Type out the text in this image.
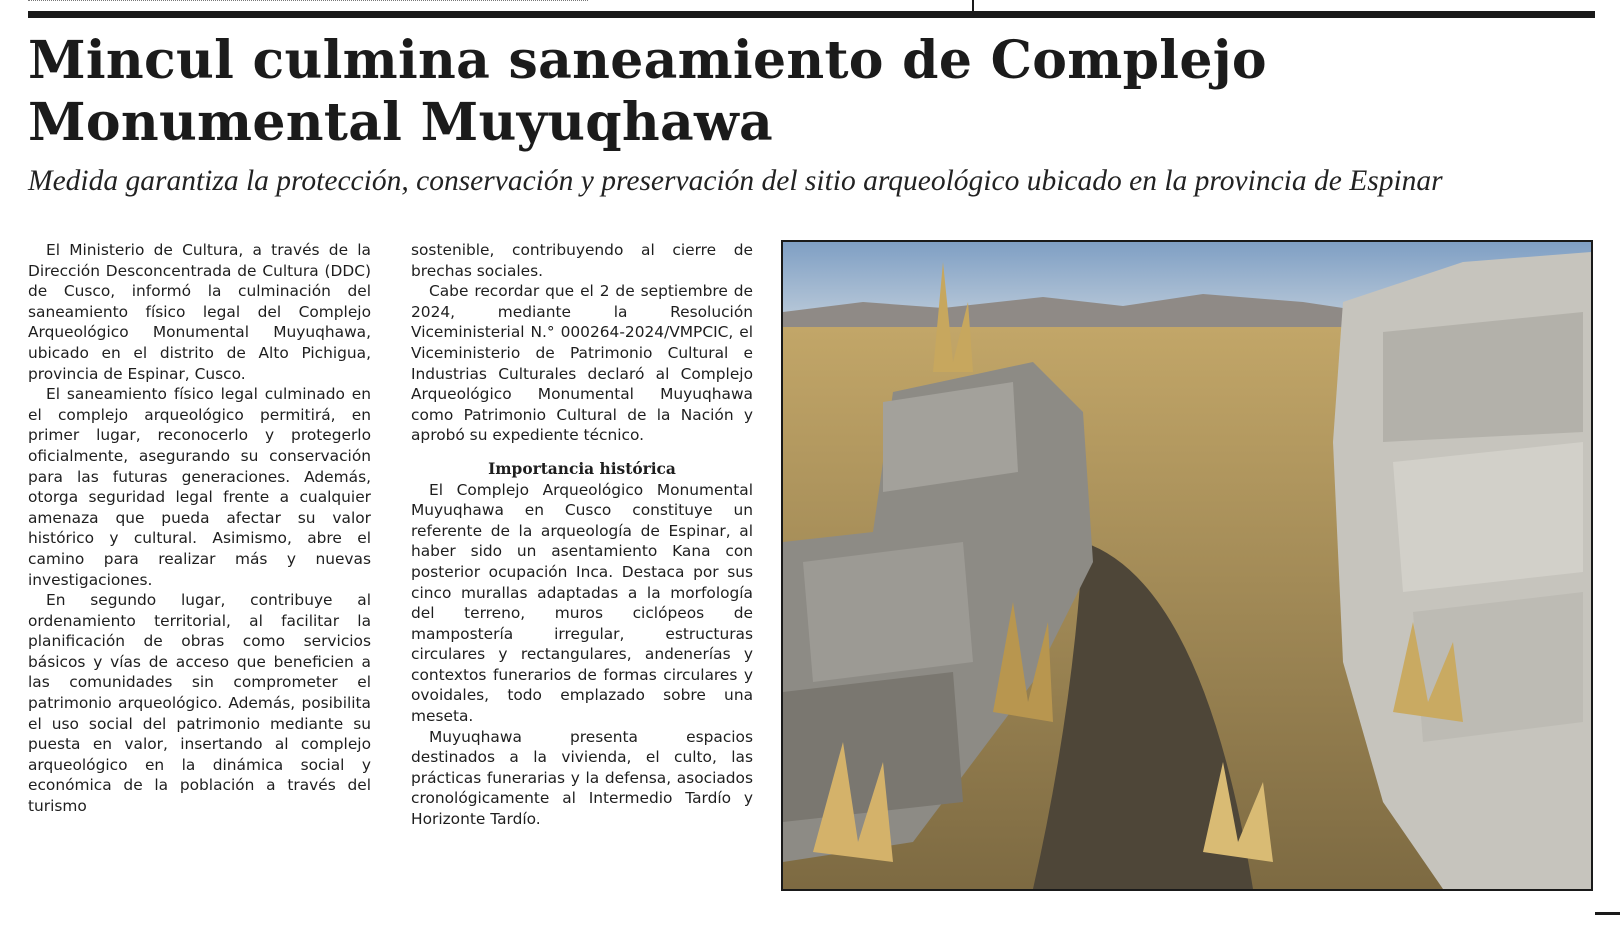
Mincul culmina saneamiento de Complejo Monumental Muyuqhawa

Medida garantiza la protección, conservación y preservación del sitio arqueológico ubicado en la provincia de Espinar

El Ministerio de Cultura, a través de la Dirección Desconcentrada de Cultura (DDC) de Cusco, informó la culminación del saneamiento físico legal del Complejo Arqueológico Monumental Muyuqhawa, ubicado en el distrito de Alto Pichigua, provincia de Espinar, Cusco.

El saneamiento físico legal culminado en el complejo arqueológico permitirá, en primer lugar, reconocerlo y protegerlo oficialmente, asegurando su conservación para las futuras generaciones. Además, otorga seguridad legal frente a cualquier amenaza que pueda afectar su valor histórico y cultural. Asimismo, abre el camino para realizar más y nuevas investigaciones.

En segundo lugar, contribuye al ordenamiento territorial, al facilitar la planificación de obras como servicios básicos y vías de acceso que beneficien a las comunidades sin comprometer el patrimonio arqueológico. Además, posibilita el uso social del patrimonio mediante su puesta en valor, insertando al complejo arqueológico en la dinámica social y económica de la población a través del turismo

sostenible, contribuyendo al cierre de brechas sociales.

Cabe recordar que el 2 de septiembre de 2024, mediante la Resolución Viceministerial N.° 000264-2024/VMPCIC, el Viceministerio de Patrimonio Cultural e Industrias Culturales declaró al Complejo Arqueológico Monumental Muyuqhawa como Patrimonio Cultural de la Nación y aprobó su expediente técnico.

Importancia histórica

El Complejo Arqueológico Monumental Muyuqhawa en Cusco constituye un referente de la arqueología de Espinar, al haber sido un asentamiento Kana con posterior ocupación Inca. Destaca por sus cinco murallas adaptadas a la morfología del terreno, muros ciclópeos de mampostería irregular, estructuras circulares y rectangulares, andenerías y contextos funerarios de formas circulares y ovoidales, todo emplazado sobre una meseta.

Muyuqhawa presenta espacios destinados a la vivienda, el culto, las prácticas funerarias y la defensa, asociados cronológicamente al Intermedio Tardío y Horizonte Tardío.
